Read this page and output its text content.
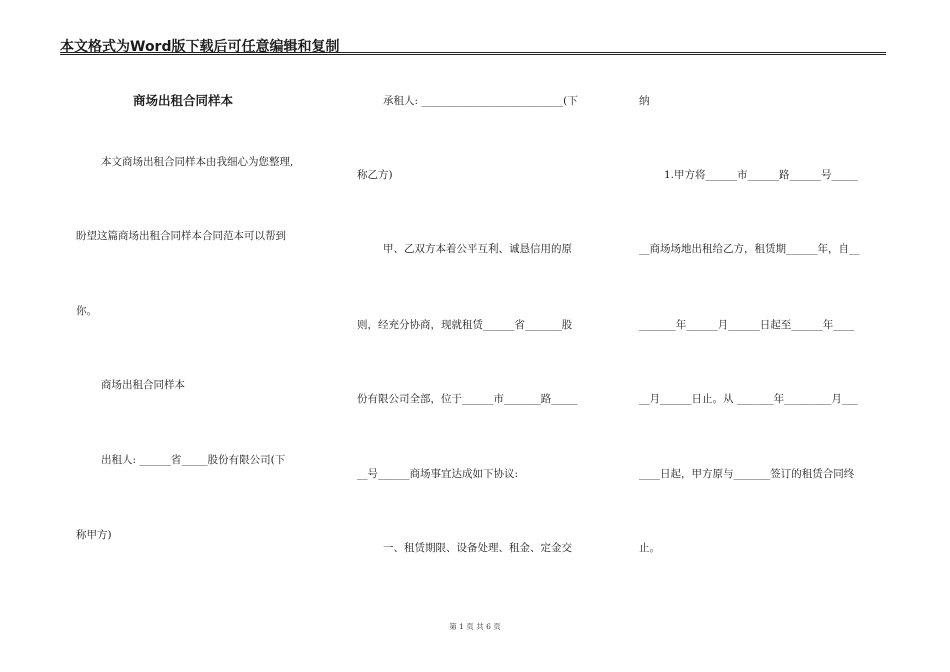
本文格式为Word版下载后可任意编辑和复制
商场出租合同样本
本文商场出租合同样本由我细心为您整理,
盼望这篇商场出租合同样本合同范本可以帮到
你。
商场出租合同样本
出租人: ______省_____股份有限公司(下
称甲方)
承租人: ___________________________(下
称乙方)
甲、乙双方本着公平互利、诚恳信用的原
则，经充分协商，现就租赁______省_______股
份有限公司全部，位于______市_______路_____
__号______商场事宜达成如下协议:
一、租赁期限、设备处理、租金、定金交
纳
1.甲方将______市______路______号_____
__商场场地出租给乙方，租赁期______年，自__
_______年______月______日起至______年____
__月______日止。从 _______年_________月___
____日起，甲方原与_______签订的租赁合同终
止。
第 1 页 共 6 页
